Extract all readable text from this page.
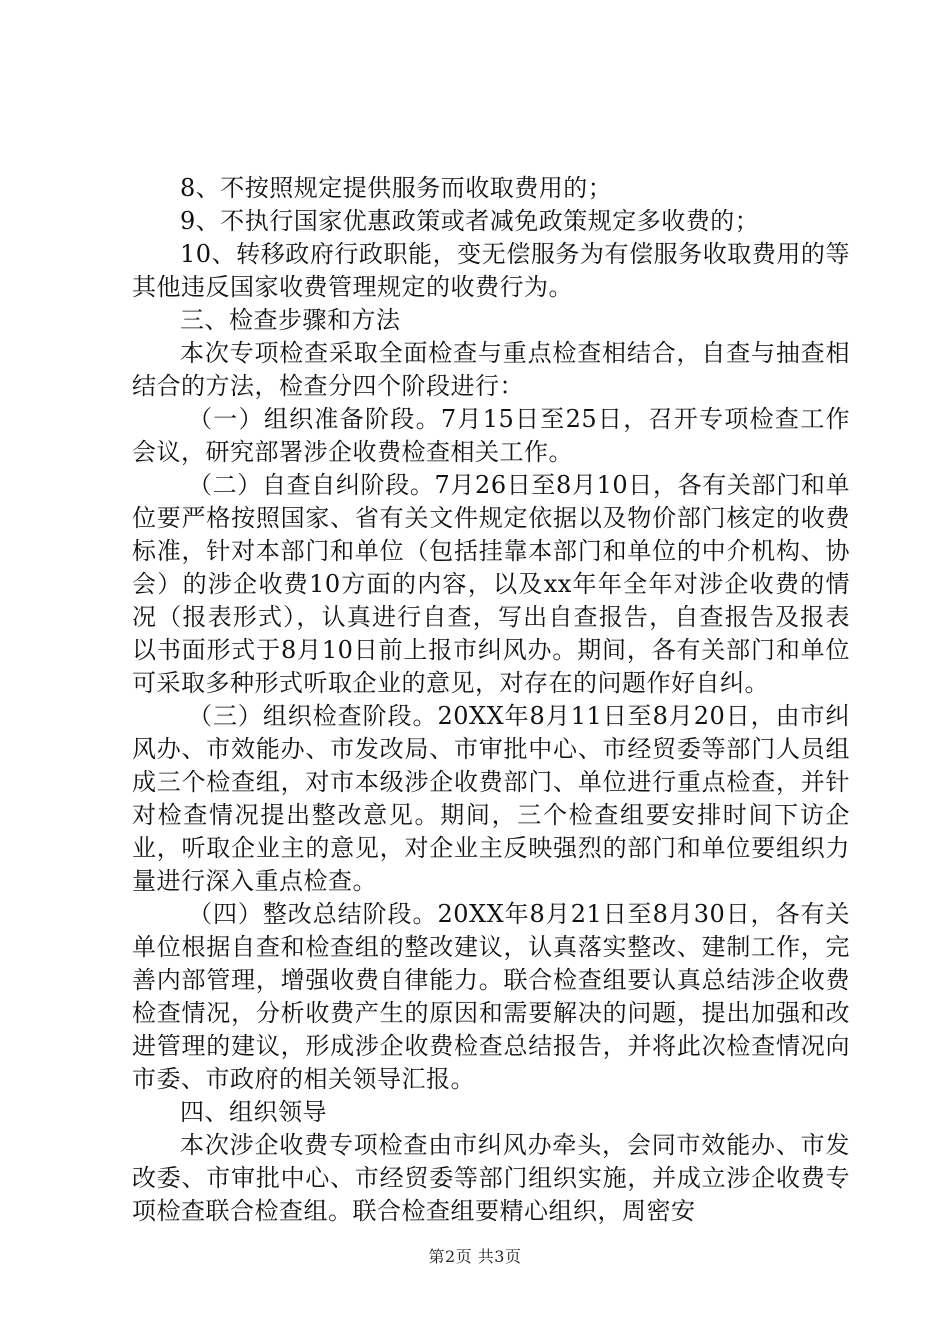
8、不按照规定提供服务而收取费用的；

9、不执行国家优惠政策或者减免政策规定多收费的；

10、转移政府行政职能，变无偿服务为有偿服务收取费用的等其他违反国家收费管理规定的收费行为。

三、检查步骤和方法

本次专项检查采取全面检查与重点检查相结合，自查与抽查相结合的方法，检查分四个阶段进行：

（一）组织准备阶段。7月15日至25日，召开专项检查工作会议，研究部署涉企收费检查相关工作。

（二）自查自纠阶段。7月26日至8月10日，各有关部门和单位要严格按照国家、省有关文件规定依据以及物价部门核定的收费标准，针对本部门和单位（包括挂靠本部门和单位的中介机构、协会）的涉企收费10方面的内容，以及xx年年全年对涉企收费的情况（报表形式），认真进行自查，写出自查报告，自查报告及报表以书面形式于8月10日前上报市纠风办。期间，各有关部门和单位可采取多种形式听取企业的意见，对存在的问题作好自纠。

（三）组织检查阶段。20XX年8月11日至8月20日，由市纠风办、市效能办、市发改局、市审批中心、市经贸委等部门人员组成三个检查组，对市本级涉企收费部门、单位进行重点检查，并针对检查情况提出整改意见。期间，三个检查组要安排时间下访企业，听取企业主的意见，对企业主反映强烈的部门和单位要组织力量进行深入重点检查。

（四）整改总结阶段。20XX年8月21日至8月30日，各有关单位根据自查和检查组的整改建议，认真落实整改、建制工作，完善内部管理，增强收费自律能力。联合检查组要认真总结涉企收费检查情况，分析收费产生的原因和需要解决的问题，提出加强和改进管理的建议，形成涉企收费检查总结报告，并将此次检查情况向市委、市政府的相关领导汇报。

四、组织领导

本次涉企收费专项检查由市纠风办牵头，会同市效能办、市发改委、市审批中心、市经贸委等部门组织实施，并成立涉企收费专项检查联合检查组。联合检查组要精心组织，周密安

第2页 共3页
